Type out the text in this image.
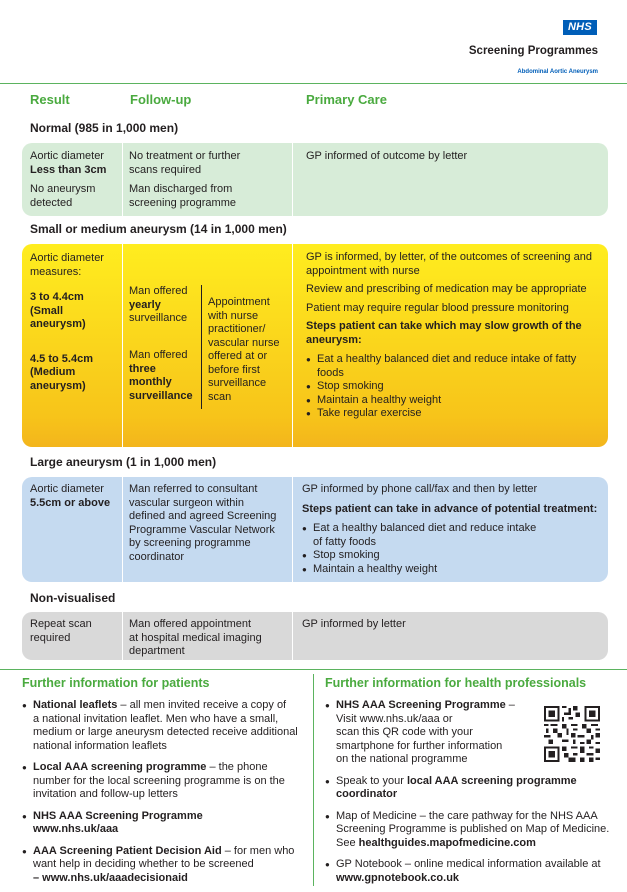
NHS
Screening Programmes
Abdominal Aortic Aneurysm
Result	Follow-up	Primary Care
Normal (985 in 1,000 men)
Aortic diameter
Less than 3cm
No aneurysm
detected
No treatment or further
scans required
Man discharged from
screening programme
GP informed of outcome by letter
Small or medium aneurysm (14 in 1,000 men)
Aortic diameter
measures:
3 to 4.4cm
(Small
aneurysm)
4.5 to 5.4cm
(Medium
aneurysm)
Man offered
yearly
surveillance
Man offered
three
monthly
surveillance
Appointment
with nurse
practitioner/
vascular nurse
offered at or
before first
surveillance
scan
GP is informed, by letter, of the outcomes of screening and
appointment with nurse
Review and prescribing of medication may be appropriate
Patient may require regular blood pressure monitoring
Steps patient can take which may slow growth of the
aneurysm:
● Eat a healthy balanced diet and reduce intake of fatty
foods
● Stop smoking
● Maintain a healthy weight
● Take regular exercise
Large aneurysm (1 in 1,000 men)
Aortic diameter
5.5cm or above
Man referred to consultant
vascular surgeon within
defined and agreed Screening
Programme Vascular Network
by screening programme
coordinator
GP informed by phone call/fax and then by letter
Steps patient can take in advance of potential treatment:
● Eat a healthy balanced diet and reduce intake
of fatty foods
● Stop smoking
● Maintain a healthy weight
Non-visualised
Repeat scan
required
Man offered appointment
at hospital medical imaging
department
GP informed by letter
Further information for patients
● National leaflets – all men invited receive a copy of
a national invitation leaflet. Men who have a small,
medium or large aneurysm detected receive additional
national information leaflets
● Local AAA screening programme – the phone
number for the local screening programme is on the
invitation and follow-up letters
● NHS AAA Screening Programme
www.nhs.uk/aaa
● AAA Screening Patient Decision Aid – for men who
want help in deciding whether to be screened
– www.nhs.uk/aaadecisionaid
Further information for health professionals
● NHS AAA Screening Programme –
Visit www.nhs.uk/aaa or
scan this QR code with your
smartphone for further information
on the national programme
● Speak to your local AAA screening programme
coordinator
● Map of Medicine – the care pathway for the NHS AAA
Screening Programme is published on Map of Medicine.
See healthguides.mapofmedicine.com
● GP Notebook – online medical information available at
www.gpnotebook.co.uk
